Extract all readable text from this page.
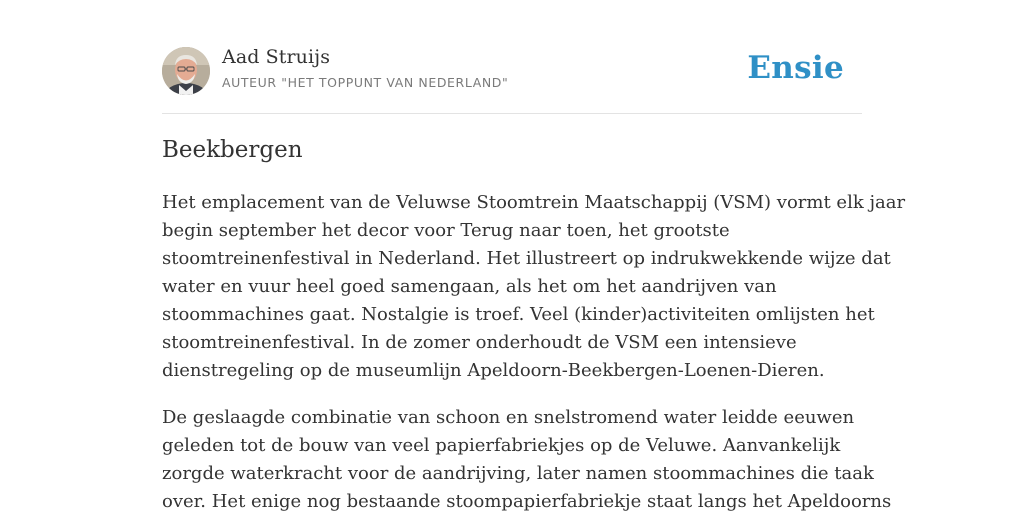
Aad Struijs
AUTEUR "HET TOPPUNT VAN NEDERLAND"	Ensie
Beekbergen

Het emplacement van de Veluwse Stoomtrein Maatschappij (VSM) vormt elk jaar
begin september het decor voor Terug naar toen, het grootste
stoomtreinenfestival in Nederland. Het illustreert op indrukwekkende wijze dat
water en vuur heel goed samengaan, als het om het aandrijven van
stoommachines gaat. Nostalgie is troef. Veel (kinder)activiteiten omlijsten het
stoomtreinenfestival. In de zomer onderhoudt de VSM een intensieve
dienstregeling op de museumlijn Apeldoorn-Beekbergen-Loenen-Dieren.

De geslaagde combinatie van schoon en snelstromend water leidde eeuwen
geleden tot de bouw van veel papierfabriekjes op de Veluwe. Aanvankelijk
zorgde waterkracht voor de aandrijving, later namen stoommachines die taak
over. Het enige nog bestaande stoompapierfabriekje staat langs het Apeldoorns
